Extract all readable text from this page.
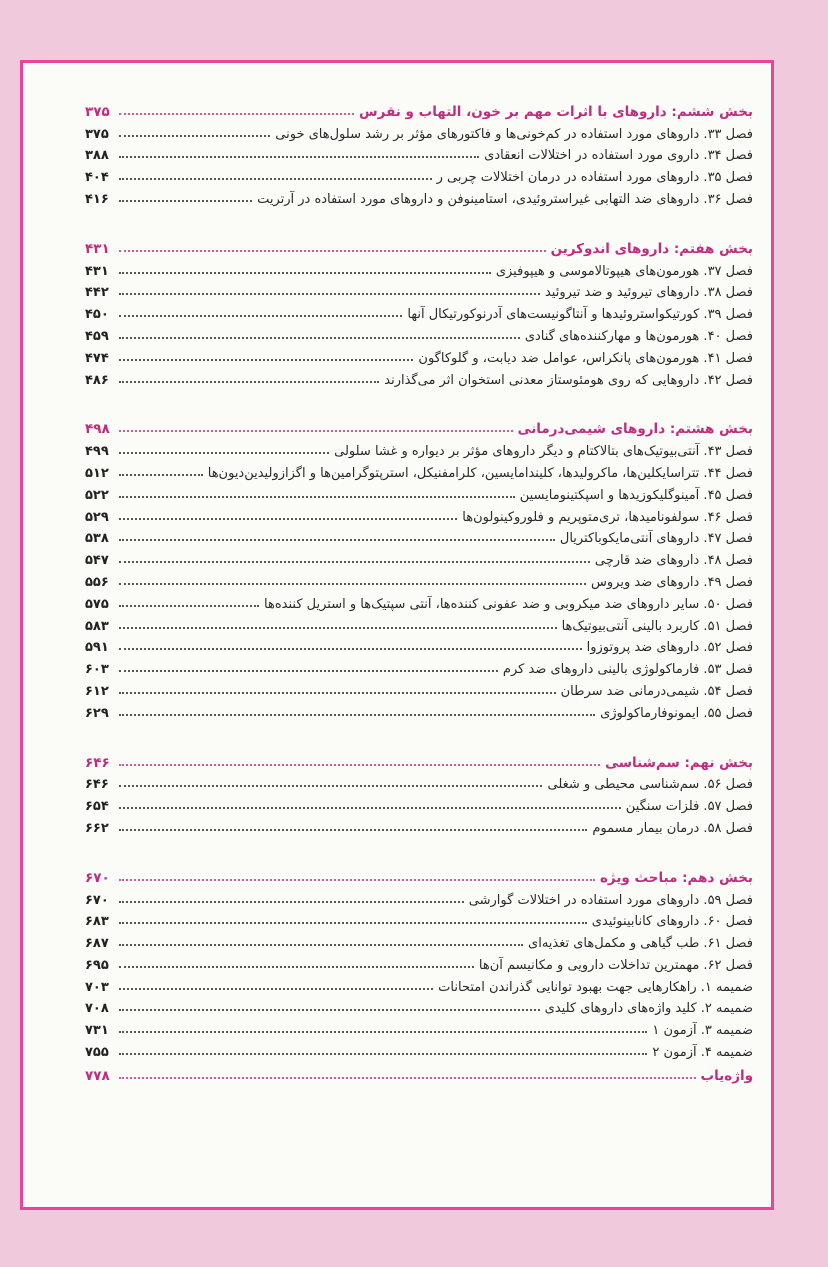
بخش ششم: داروهای با اثرات مهم بر خون، التهاب و نقرس
۳۷۵
فصل ۳۳. داروهای مورد استفاده در کم‌خونی‌ها و فاکتورهای مؤثر بر رشد سلول‌های خونی
۳۷۵
فصل ۳۴. داروی مورد استفاده در اختلالات انعقادی
۳۸۸
فصل ۳۵. داروهای مورد استفاده در درمان اختلالات چربی ر
۴۰۴
فصل ۳۶. داروهای ضد التهابی غیراستروئیدی، استامینوفن و داروهای مورد استفاده در آرتریت
۴۱۶
بخش هفتم: داروهای اندوکرین
۴۳۱
فصل ۳۷. هورمون‌های هیپوتالاموسی و هیپوفیزی
۴۳۱
فصل ۳۸. داروهای تیروئید و ضد تیروئید
۴۴۲
فصل ۳۹. کورتیکواستروئیدها و آنتاگونیست‌های آدرنوکورتیکال آنها
۴۵۰
فصل ۴۰. هورمون‌ها و مهارکننده‌های گنادی
۴۵۹
فصل ۴۱. هورمون‌های پانکراس، عوامل ضد دیابت، و گلوکاگون
۴۷۴
فصل ۴۲. داروهایی که روی هومئوستاز معدنی استخوان اثر می‌گذارند
۴۸۶
بخش هشتم: داروهای شیمی‌درمانی
۴۹۸
فصل ۴۳. آنتی‌بیوتیک‌های بتالاکتام و دیگر داروهای مؤثر بر دیواره و غشا سلولی
۴۹۹
فصل ۴۴. تتراسایکلین‌ها، ماکرولیدها، کلیندامایسین، کلرامفنیکل، استرپتوگرامین‌ها و اگزازولیدین‌دیون‌ها
۵۱۲
فصل ۴۵. آمینوگلیکوزیدها و اسپکتینومایسین
۵۲۲
فصل ۴۶. سولفونامیدها، تری‌متوپریم و فلوروکینولون‌ها
۵۲۹
فصل ۴۷. داروهای آنتی‌مایکوباکتریال
۵۳۸
فصل ۴۸. داروهای ضد قارچی
۵۴۷
فصل ۴۹. داروهای ضد ویروس
۵۵۶
فصل ۵۰. سایر داروهای ضد میکروبی و ضد عفونی کننده‌ها، آنتی سپتیک‌ها و استریل کننده‌ها
۵۷۵
فصل ۵۱. کاربرد بالینی آنتی‌بیوتیک‌ها
۵۸۳
فصل ۵۲. داروهای ضد پروتوزوا
۵۹۱
فصل ۵۳. فارماکولوژی بالینی داروهای ضد کرم
۶۰۳
فصل ۵۴. شیمی‌درمانی ضد سرطان
۶۱۲
فصل ۵۵. ایمونوفارماکولوژی
۶۲۹
بخش نهم: سم‌شناسی
۶۴۶
فصل ۵۶. سم‌شناسی محیطی و شغلی
۶۴۶
فصل ۵۷. فلزات سنگین
۶۵۴
فصل ۵۸. درمان بیمار مسموم
۶۶۲
بخش دهم: مباحث ویژه
۶۷۰
فصل ۵۹. داروهای مورد استفاده در اختلالات گوارشی
۶۷۰
فصل ۶۰. داروهای کانابینوئیدی
۶۸۳
فصل ۶۱. طب گیاهی و مکمل‌های تغذیه‌ای
۶۸۷
فصل ۶۲. مهمترین تداخلات دارویی و مکانیسم آن‌ها
۶۹۵
ضمیمه ۱. راهکارهایی جهت بهبود توانایی گذراندن امتحانات
۷۰۳
ضمیمه ۲. کلید واژه‌های داروهای کلیدی
۷۰۸
ضمیمه ۳. آزمون ۱
۷۳۱
ضمیمه ۴. آزمون ۲
۷۵۵
واژه‌یاب
۷۷۸
